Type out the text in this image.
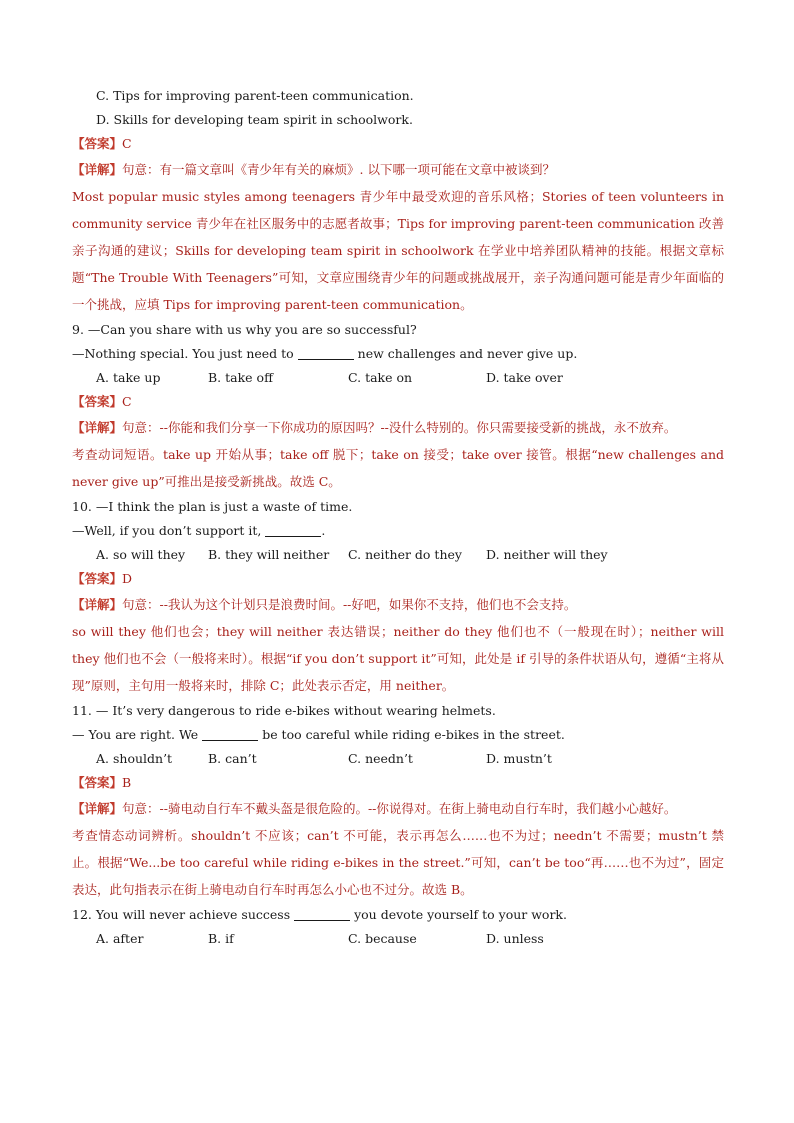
C. Tips for improving parent-teen communication.
D. Skills for developing team spirit in schoolwork.
【答案】C
【详解】句意：有一篇文章叫《青少年有关的麻烦》. 以下哪一项可能在文章中被谈到？
Most popular music styles among teenagers 青少年中最受欢迎的音乐风格；Stories of teen volunteers in community service 青少年在社区服务中的志愿者故事；Tips for improving parent-teen communication 改善亲子沟通的建议；Skills for developing team spirit in schoolwork 在学业中培养团队精神的技能。根据文章标题“The Trouble With Teenagers”可知，文章应围绕青少年的问题或挑战展开，亲子沟通问题可能是青少年面临的一个挑战，应填 Tips for improving parent-teen communication。
9. —Can you share with us why you are so successful?
—Nothing special. You just need to	new challenges and never give up.
A. take up	B. take off	C. take on	D. take over
【答案】C
【详解】句意：--你能和我们分享一下你成功的原因吗？--没什么特别的。你只需要接受新的挑战，永不放弃。
考查动词短语。take up 开始从事；take off 脱下；take on 接受；take over 接管。根据“new challenges and never give up”可推出是接受新挑战。故选 C。
10. —I think the plan is just a waste of time.
—Well, if you don’t support it,	.
A. so will they	B. they will neither	C. neither do they	D. neither will they
【答案】D
【详解】句意：--我认为这个计划只是浪费时间。--好吧，如果你不支持，他们也不会支持。
so will they 他们也会；they will neither 表达错误；neither do they 他们也不（一般现在时）；neither will they 他们也不会（一般将来时）。根据“if you don’t support it”可知，此处是 if 引导的条件状语从句，遵循“主将从现”原则，主句用一般将来时，排除 C；此处表示否定，用 neither。
11. — It’s very dangerous to ride e-bikes without wearing helmets.
— You are right. We	be too careful while riding e-bikes in the street.
A. shouldn’t	B. can’t	C. needn’t	D. mustn’t
【答案】B
【详解】句意：--骑电动自行车不戴头盔是很危险的。--你说得对。在街上骑电动自行车时，我们越小心越好。
考查情态动词辨析。shouldn’t 不应该；can’t 不可能，表示再怎么……也不为过；needn’t 不需要；mustn’t 禁止。根据“We...be too careful while riding e-bikes in the street.”可知，can’t be too“再……也不为过”，固定表达，此句指表示在街上骑电动自行车时再怎么小心也不过分。故选 B。
12. You will never achieve success	you devote yourself to your work.
A. after	B. if	C. because	D. unless
